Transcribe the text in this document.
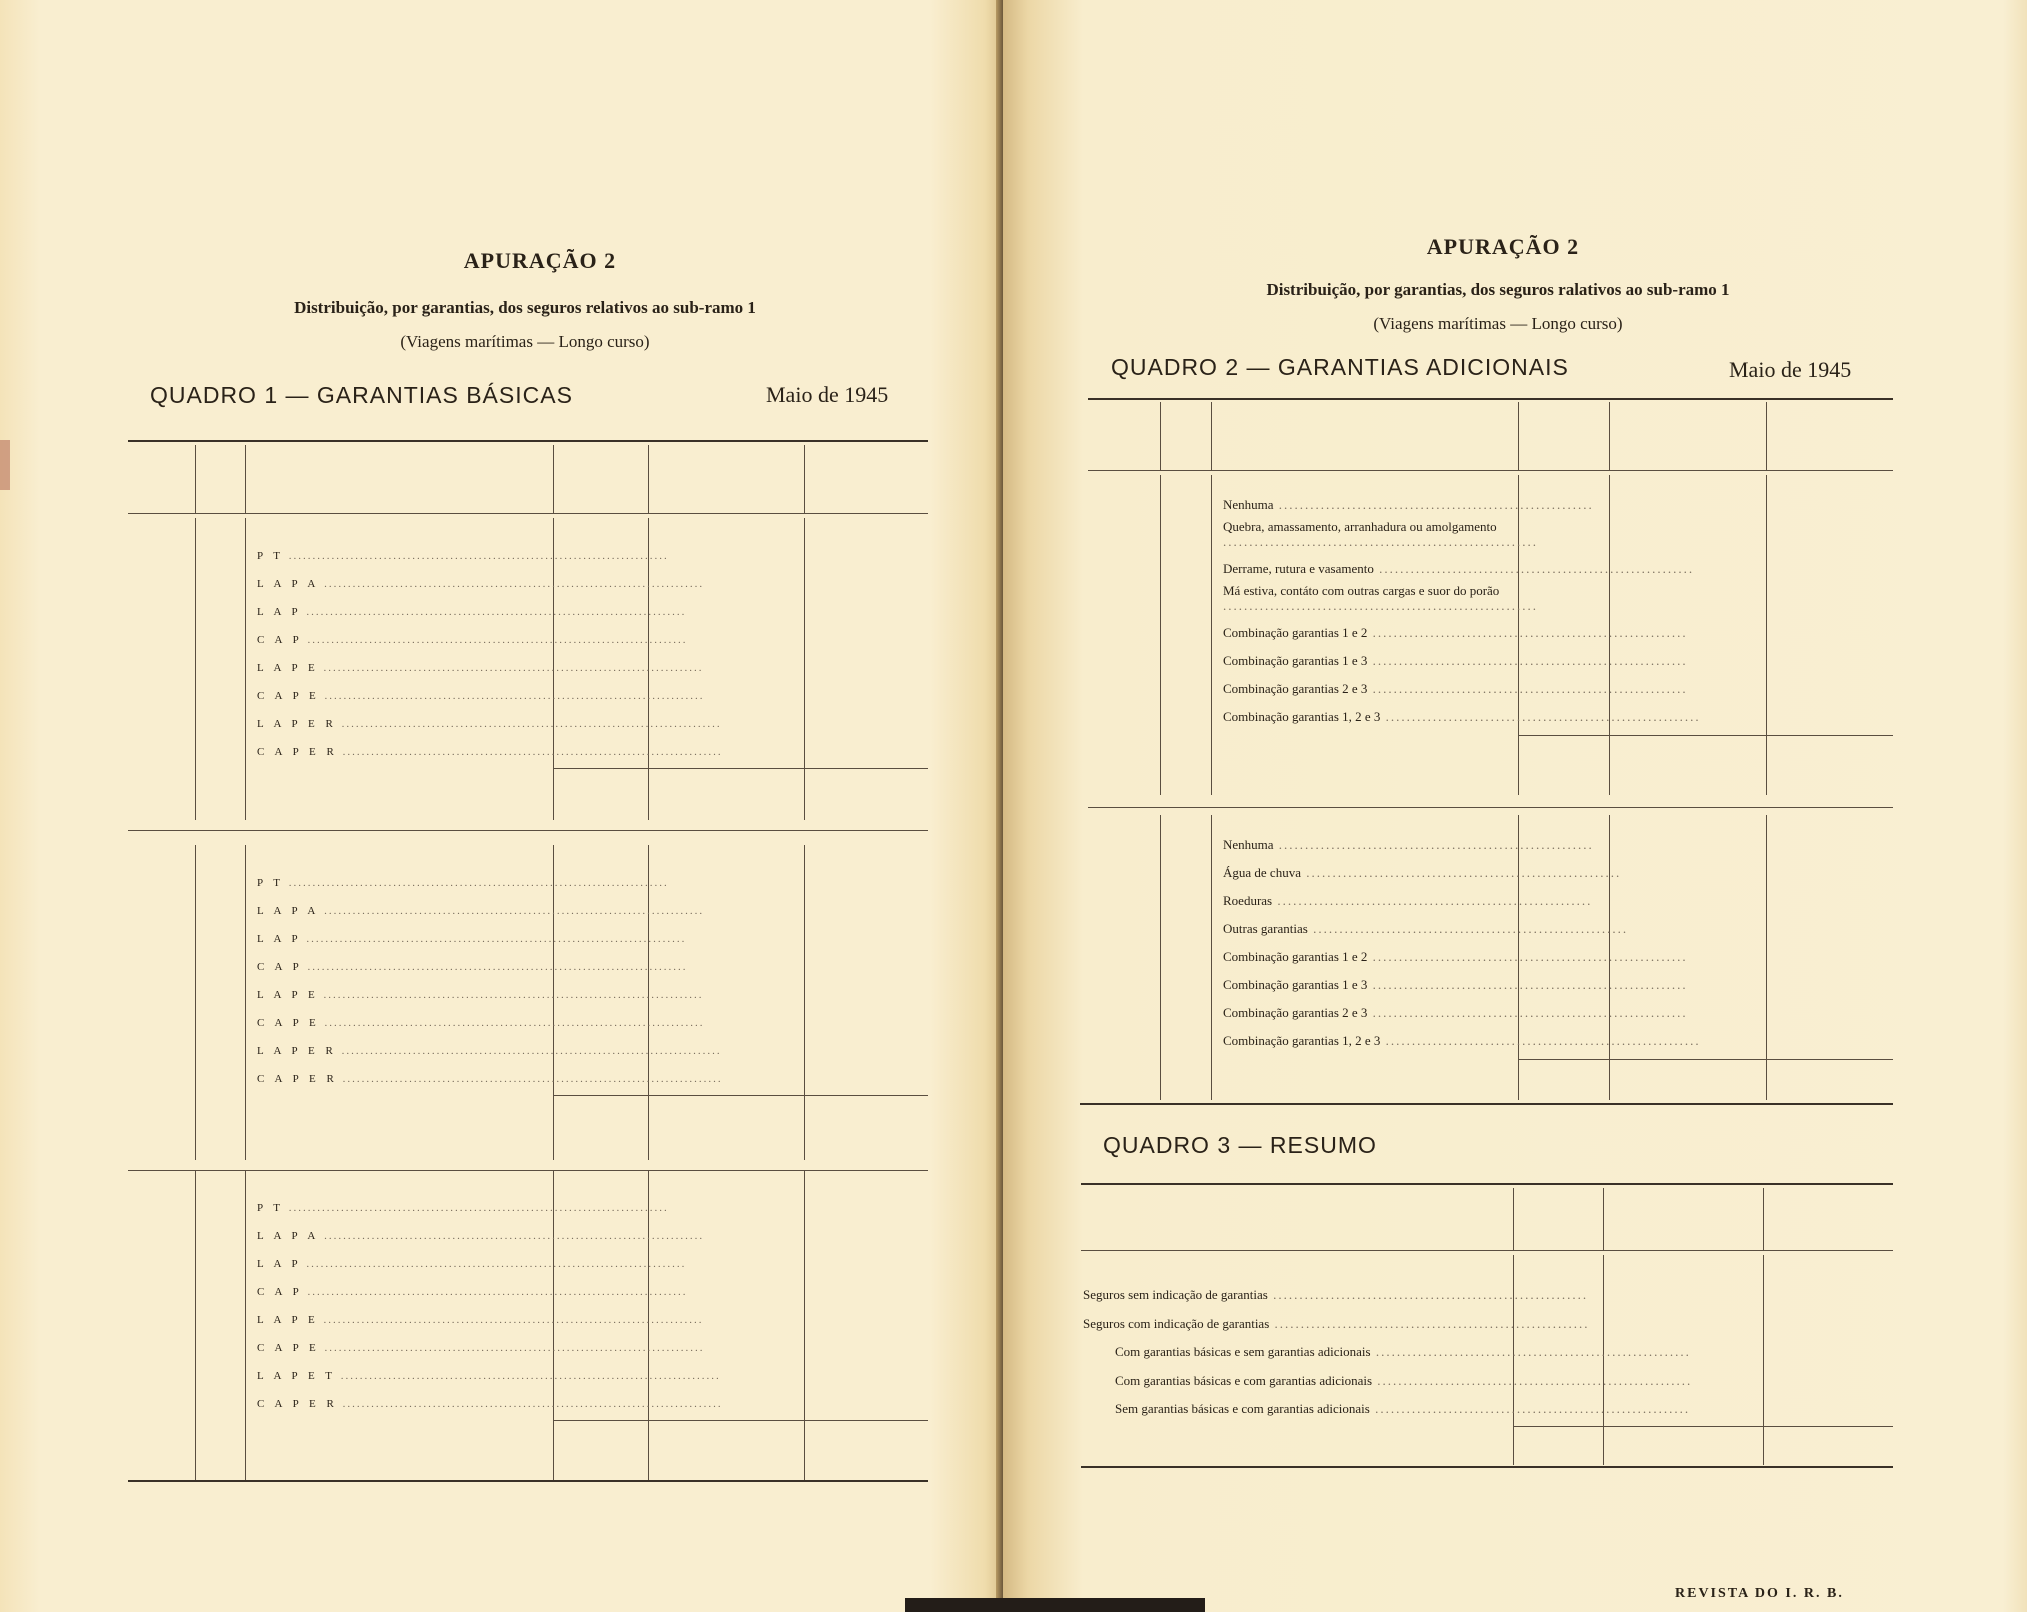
APURAÇÃO 2
Distribuição, por garantias, dos seguros relativos ao sub-ramo 1
(Viagens marítimas — Longo curso)
QUADRO 1 — GARANTIAS BÁSICAS	Maio de 1945
P T ................................................................................
L A P A ................................................................................
L A P ................................................................................
C A P ................................................................................
L A P E ................................................................................
C A P E ................................................................................
L A P E R ................................................................................
C A P E R ................................................................................
P T ................................................................................
L A P A ................................................................................
L A P ................................................................................
C A P ................................................................................
L A P E ................................................................................
C A P E ................................................................................
L A P E R ................................................................................
C A P E R ................................................................................
P T ................................................................................
L A P A ................................................................................
L A P ................................................................................
C A P ................................................................................
L A P E ................................................................................
C A P E ................................................................................
L A P E T ................................................................................
C A P E R ................................................................................
APURAÇÃO 2
Distribuição, por garantias, dos seguros ralativos ao sub-ramo 1
(Viagens marítimas — Longo curso)
QUADRO 2 — GARANTIAS ADICIONAIS	Maio de 1945
Nenhuma ............................................................
Quebra, amassamento, arranhadura ou amolgamento ............................................................
Derrame, rutura e vasamento ............................................................
Má estiva, contáto com outras cargas e suor do porão ............................................................
Combinação garantias 1 e 2 ............................................................
Combinação garantias 1 e 3 ............................................................
Combinação garantias 2 e 3 ............................................................
Combinação garantias 1, 2 e 3 ............................................................
Nenhuma ............................................................
Água de chuva ............................................................
Roeduras ............................................................
Outras garantias ............................................................
Combinação garantias 1 e 2 ............................................................
Combinação garantias 1 e 3 ............................................................
Combinação garantias 2 e 3 ............................................................
Combinação garantias 1, 2 e 3 ............................................................
QUADRO 3 — RESUMO
Seguros sem indicação de garantias ............................................................
Seguros com indicação de garantias ............................................................
Com garantias básicas e sem garantias adicionais ............................................................
Com garantias básicas e com garantias adicionais ............................................................
Sem garantias básicas e com garantias adicionais ............................................................
REVISTA DO I. R. B.
